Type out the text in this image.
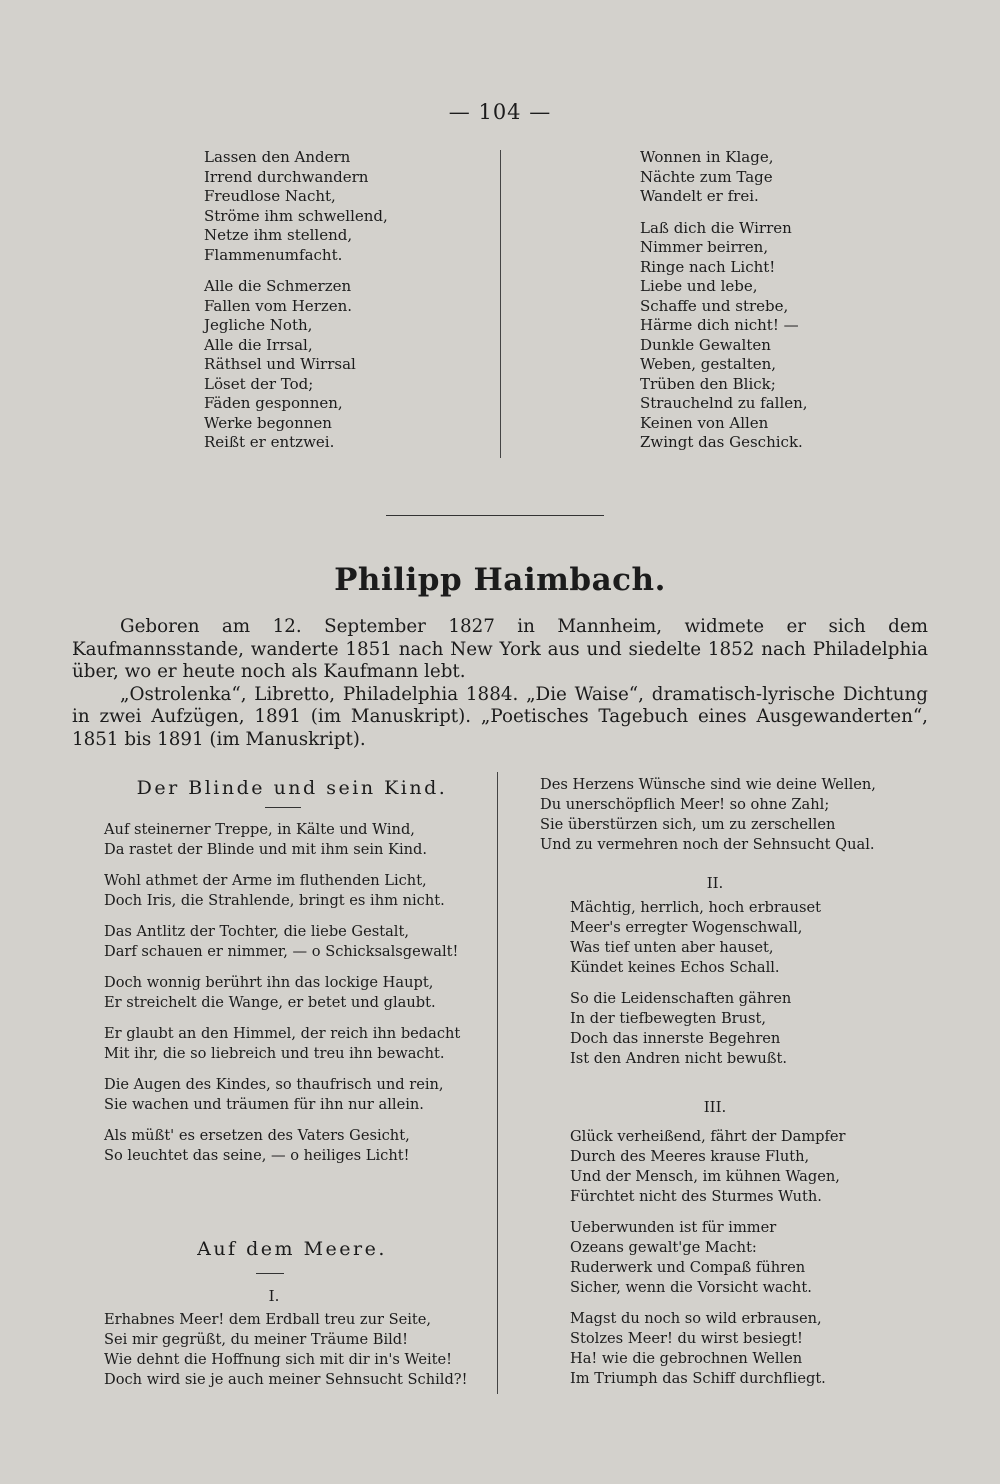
— 104 —
Lassen den Andern
Irrend durchwandern
Freudlose Nacht,
Ströme ihm schwellend,
Netze ihm stellend,
Flammenumfacht.
Alle die Schmerzen
Fallen vom Herzen.
Jegliche Noth,
Alle die Irrsal,
Räthsel und Wirrsal
Löset der Tod;
Fäden gesponnen,
Werke begonnen
Reißt er entzwei.
Wonnen in Klage,
Nächte zum Tage
Wandelt er frei.
Laß dich die Wirren
Nimmer beirren,
Ringe nach Licht!
Liebe und lebe,
Schaffe und strebe,
Härme dich nicht! —
Dunkle Gewalten
Weben, gestalten,
Trüben den Blick;
Strauchelnd zu fallen,
Keinen von Allen
Zwingt das Geschick.
Philipp Haimbach.

Geboren am 12. September 1827 in Mannheim, widmete er sich dem Kaufmannsstande, wanderte 1851 nach New York aus und siedelte 1852 nach Philadelphia über, wo er heute noch als Kaufmann lebt.

„Ostrolenka“, Libretto, Philadelphia 1884. „Die Waise“, dramatisch-lyrische Dichtung in zwei Aufzügen, 1891 (im Manuskript). „Poetisches Tagebuch eines Ausgewanderten“, 1851 bis 1891 (im Manuskript).

Der Blinde und sein Kind.
Auf steinerner Treppe, in Kälte und Wind,
Da rastet der Blinde und mit ihm sein Kind.
Wohl athmet der Arme im fluthenden Licht,
Doch Iris, die Strahlende, bringt es ihm nicht.
Das Antlitz der Tochter, die liebe Gestalt,
Darf schauen er nimmer, — o Schicksalsgewalt!
Doch wonnig berührt ihn das lockige Haupt,
Er streichelt die Wange, er betet und glaubt.
Er glaubt an den Himmel, der reich ihn bedacht
Mit ihr, die so liebreich und treu ihn bewacht.
Die Augen des Kindes, so thaufrisch und rein,
Sie wachen und träumen für ihn nur allein.
Als müßt' es ersetzen des Vaters Gesicht,
So leuchtet das seine, — o heiliges Licht!
Auf dem Meere.
I.
Erhabnes Meer! dem Erdball treu zur Seite,
Sei mir gegrüßt, du meiner Träume Bild!
Wie dehnt die Hoffnung sich mit dir in's Weite!
Doch wird sie je auch meiner Sehnsucht Schild?!
Des Herzens Wünsche sind wie deine Wellen,
Du unerschöpflich Meer! so ohne Zahl;
Sie überstürzen sich, um zu zerschellen
Und zu vermehren noch der Sehnsucht Qual.
II.
Mächtig, herrlich, hoch erbrauset
Meer's erregter Wogenschwall,
Was tief unten aber hauset,
Kündet keines Echos Schall.
So die Leidenschaften gähren
In der tiefbewegten Brust,
Doch das innerste Begehren
Ist den Andren nicht bewußt.
III.
Glück verheißend, fährt der Dampfer
Durch des Meeres krause Fluth,
Und der Mensch, im kühnen Wagen,
Fürchtet nicht des Sturmes Wuth.
Ueberwunden ist für immer
Ozeans gewalt'ge Macht:
Ruderwerk und Compaß führen
Sicher, wenn die Vorsicht wacht.
Magst du noch so wild erbrausen,
Stolzes Meer! du wirst besiegt!
Ha! wie die gebrochnen Wellen
Im Triumph das Schiff durchfliegt.
